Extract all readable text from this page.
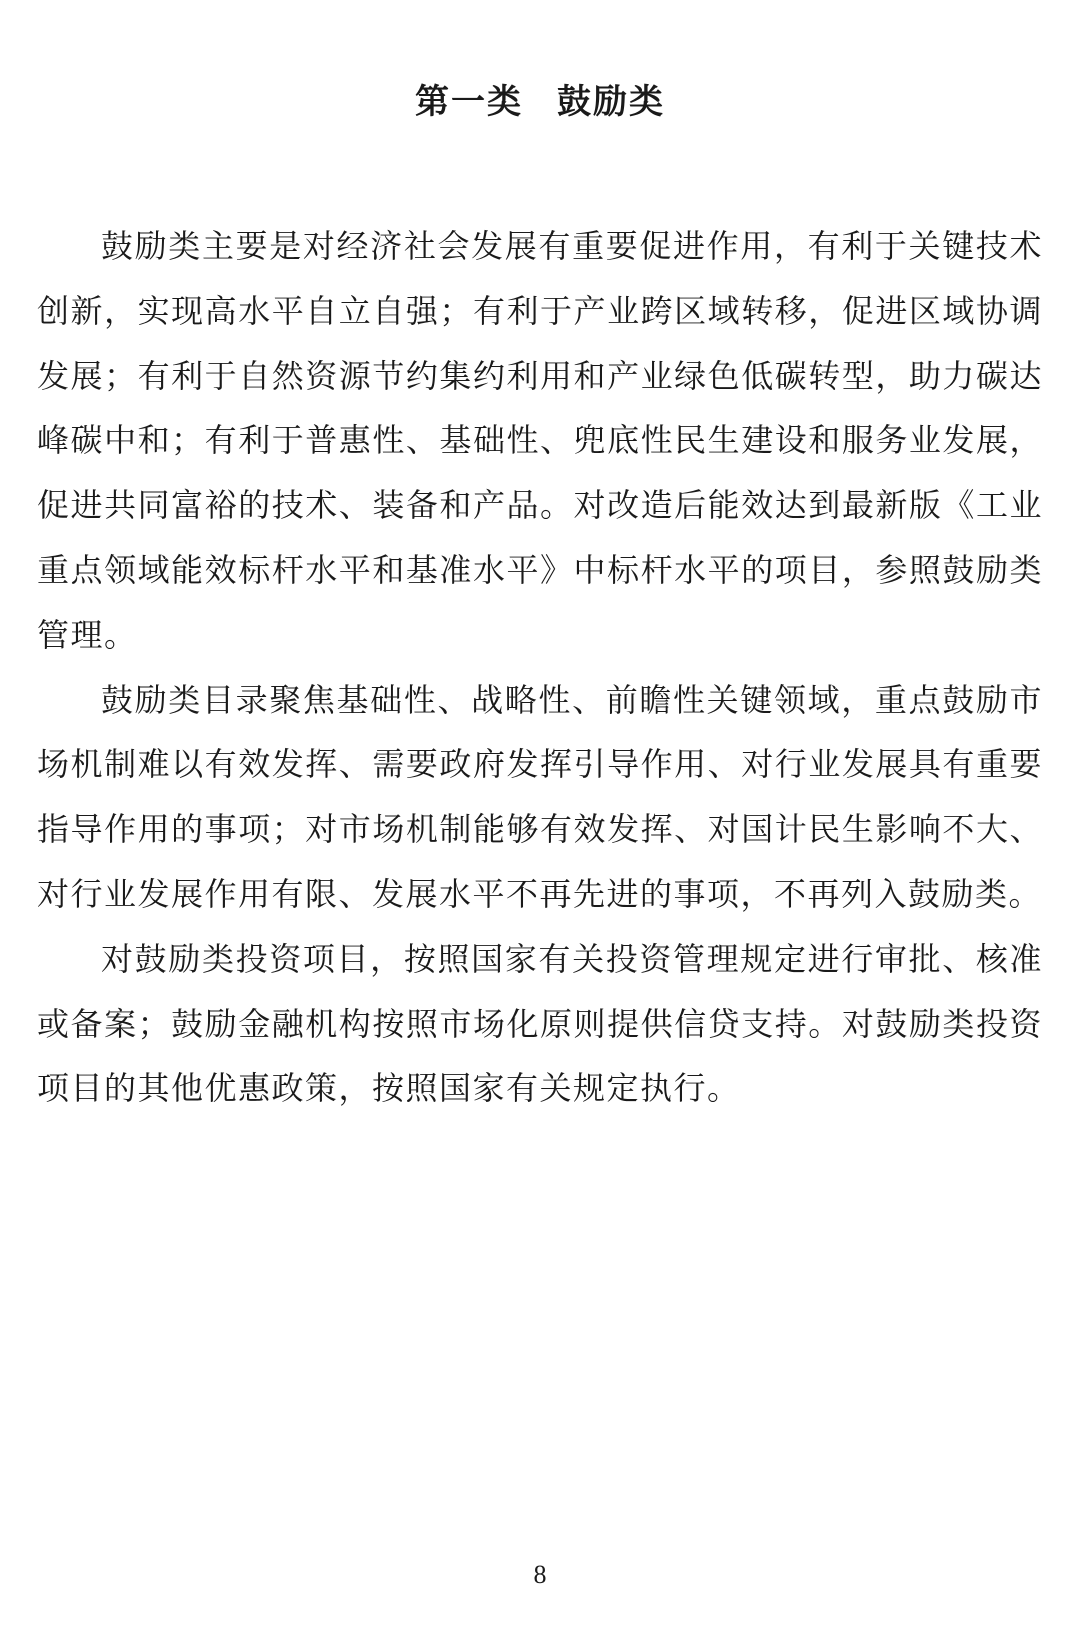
第一类 鼓励类

鼓励类主要是对经济社会发展有重要促进作用，有利于关键技术创新，实现高水平自立自强；有利于产业跨区域转移，促进区域协调发展；有利于自然资源节约集约利用和产业绿色低碳转型，助力碳达峰碳中和；有利于普惠性、基础性、兜底性民生建设和服务业发展，促进共同富裕的技术、装备和产品。对改造后能效达到最新版《工业重点领域能效标杆水平和基准水平》中标杆水平的项目，参照鼓励类管理。

鼓励类目录聚焦基础性、战略性、前瞻性关键领域，重点鼓励市场机制难以有效发挥、需要政府发挥引导作用、对行业发展具有重要指导作用的事项；对市场机制能够有效发挥、对国计民生影响不大、对行业发展作用有限、发展水平不再先进的事项，不再列入鼓励类。

对鼓励类投资项目，按照国家有关投资管理规定进行审批、核准或备案；鼓励金融机构按照市场化原则提供信贷支持。对鼓励类投资项目的其他优惠政策，按照国家有关规定执行。

8
